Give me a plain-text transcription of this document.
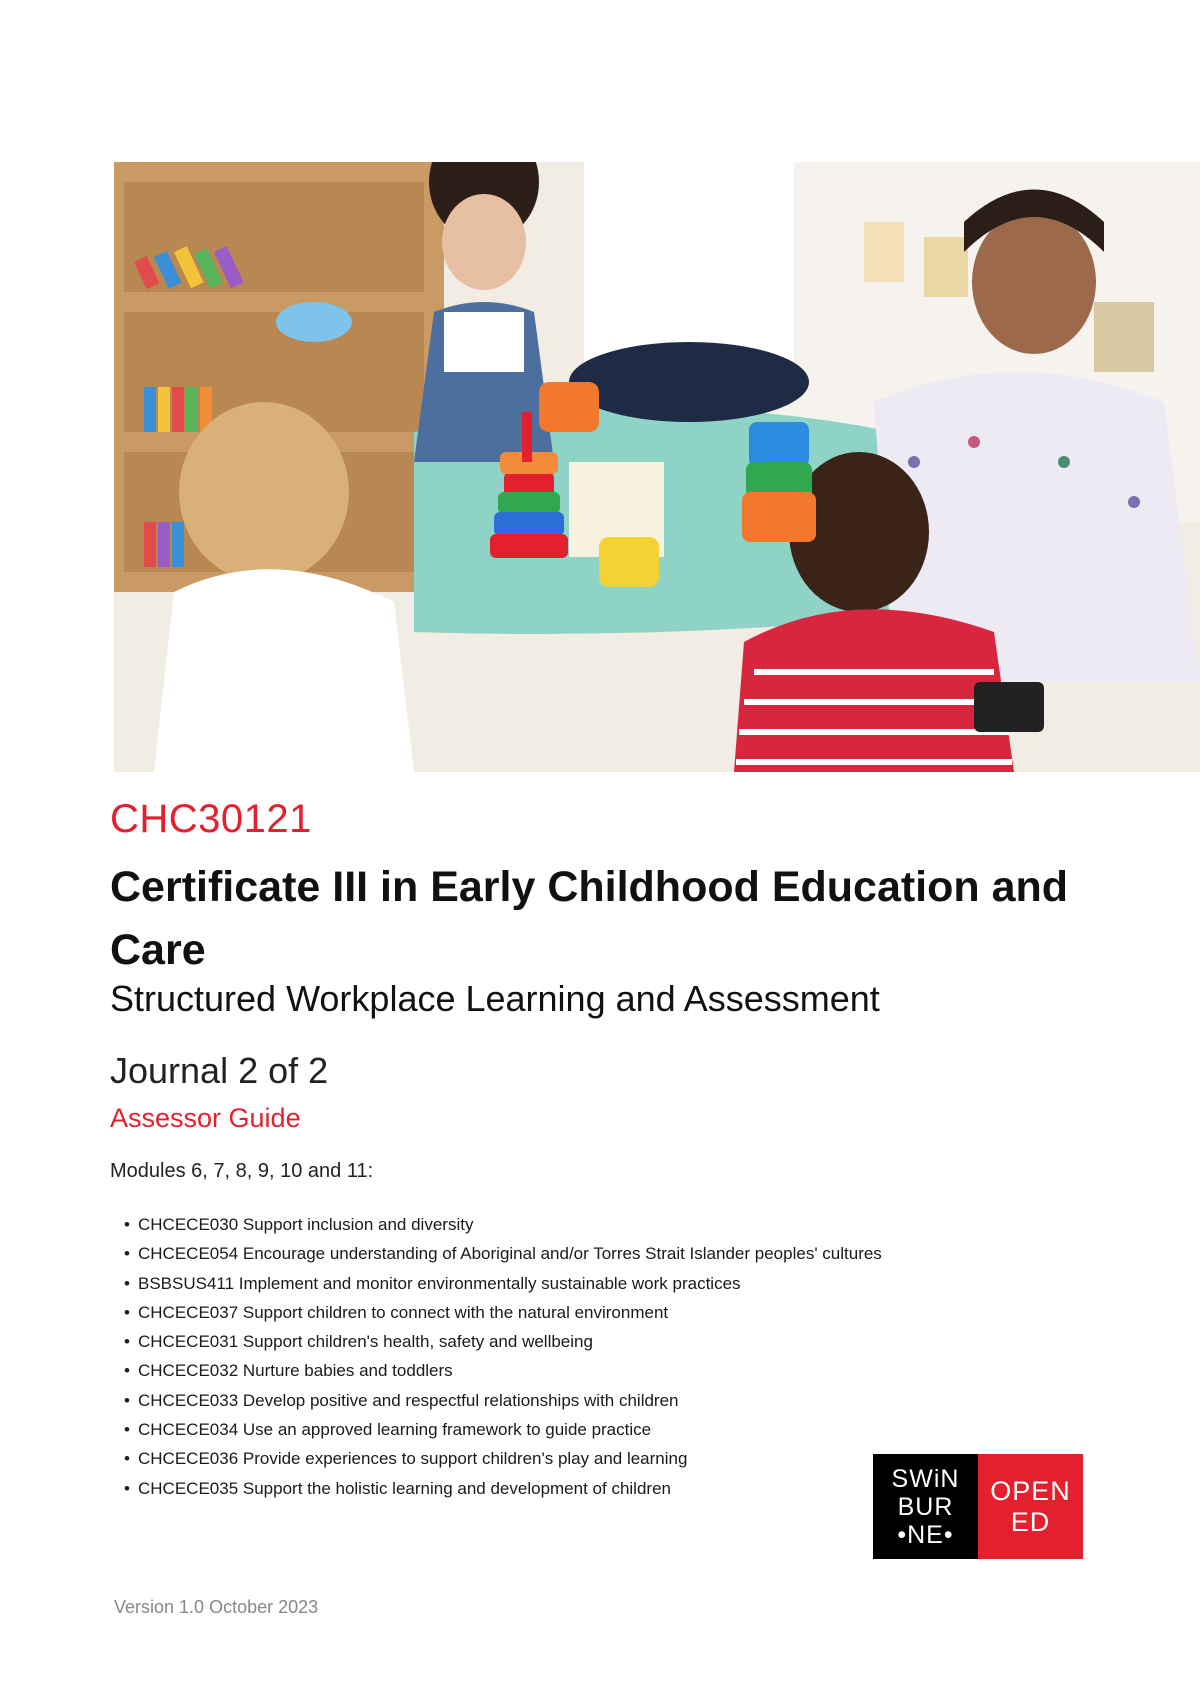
CHC30121
Certificate III in Early Childhood Education and Care
Structured Workplace Learning and Assessment
Journal 2 of 2
Assessor Guide
Modules 6, 7, 8, 9, 10 and 11:
• CHCECE030 Support inclusion and diversity
• CHCECE054 Encourage understanding of Aboriginal and/or Torres Strait Islander peoples' cultures
• BSBSUS411 Implement and monitor environmentally sustainable work practices
• CHCECE037 Support children to connect with the natural environment
• CHCECE031 Support children's health, safety and wellbeing
• CHCECE032 Nurture babies and toddlers
• CHCECE033 Develop positive and respectful relationships with children
• CHCECE034 Use an approved learning framework to guide practice
• CHCECE036 Provide experiences to support children's play and learning
• CHCECE035 Support the holistic learning and development of children	SWiN
BUR
•NE•
OPEN
ED
Version 1.0 October 2023
